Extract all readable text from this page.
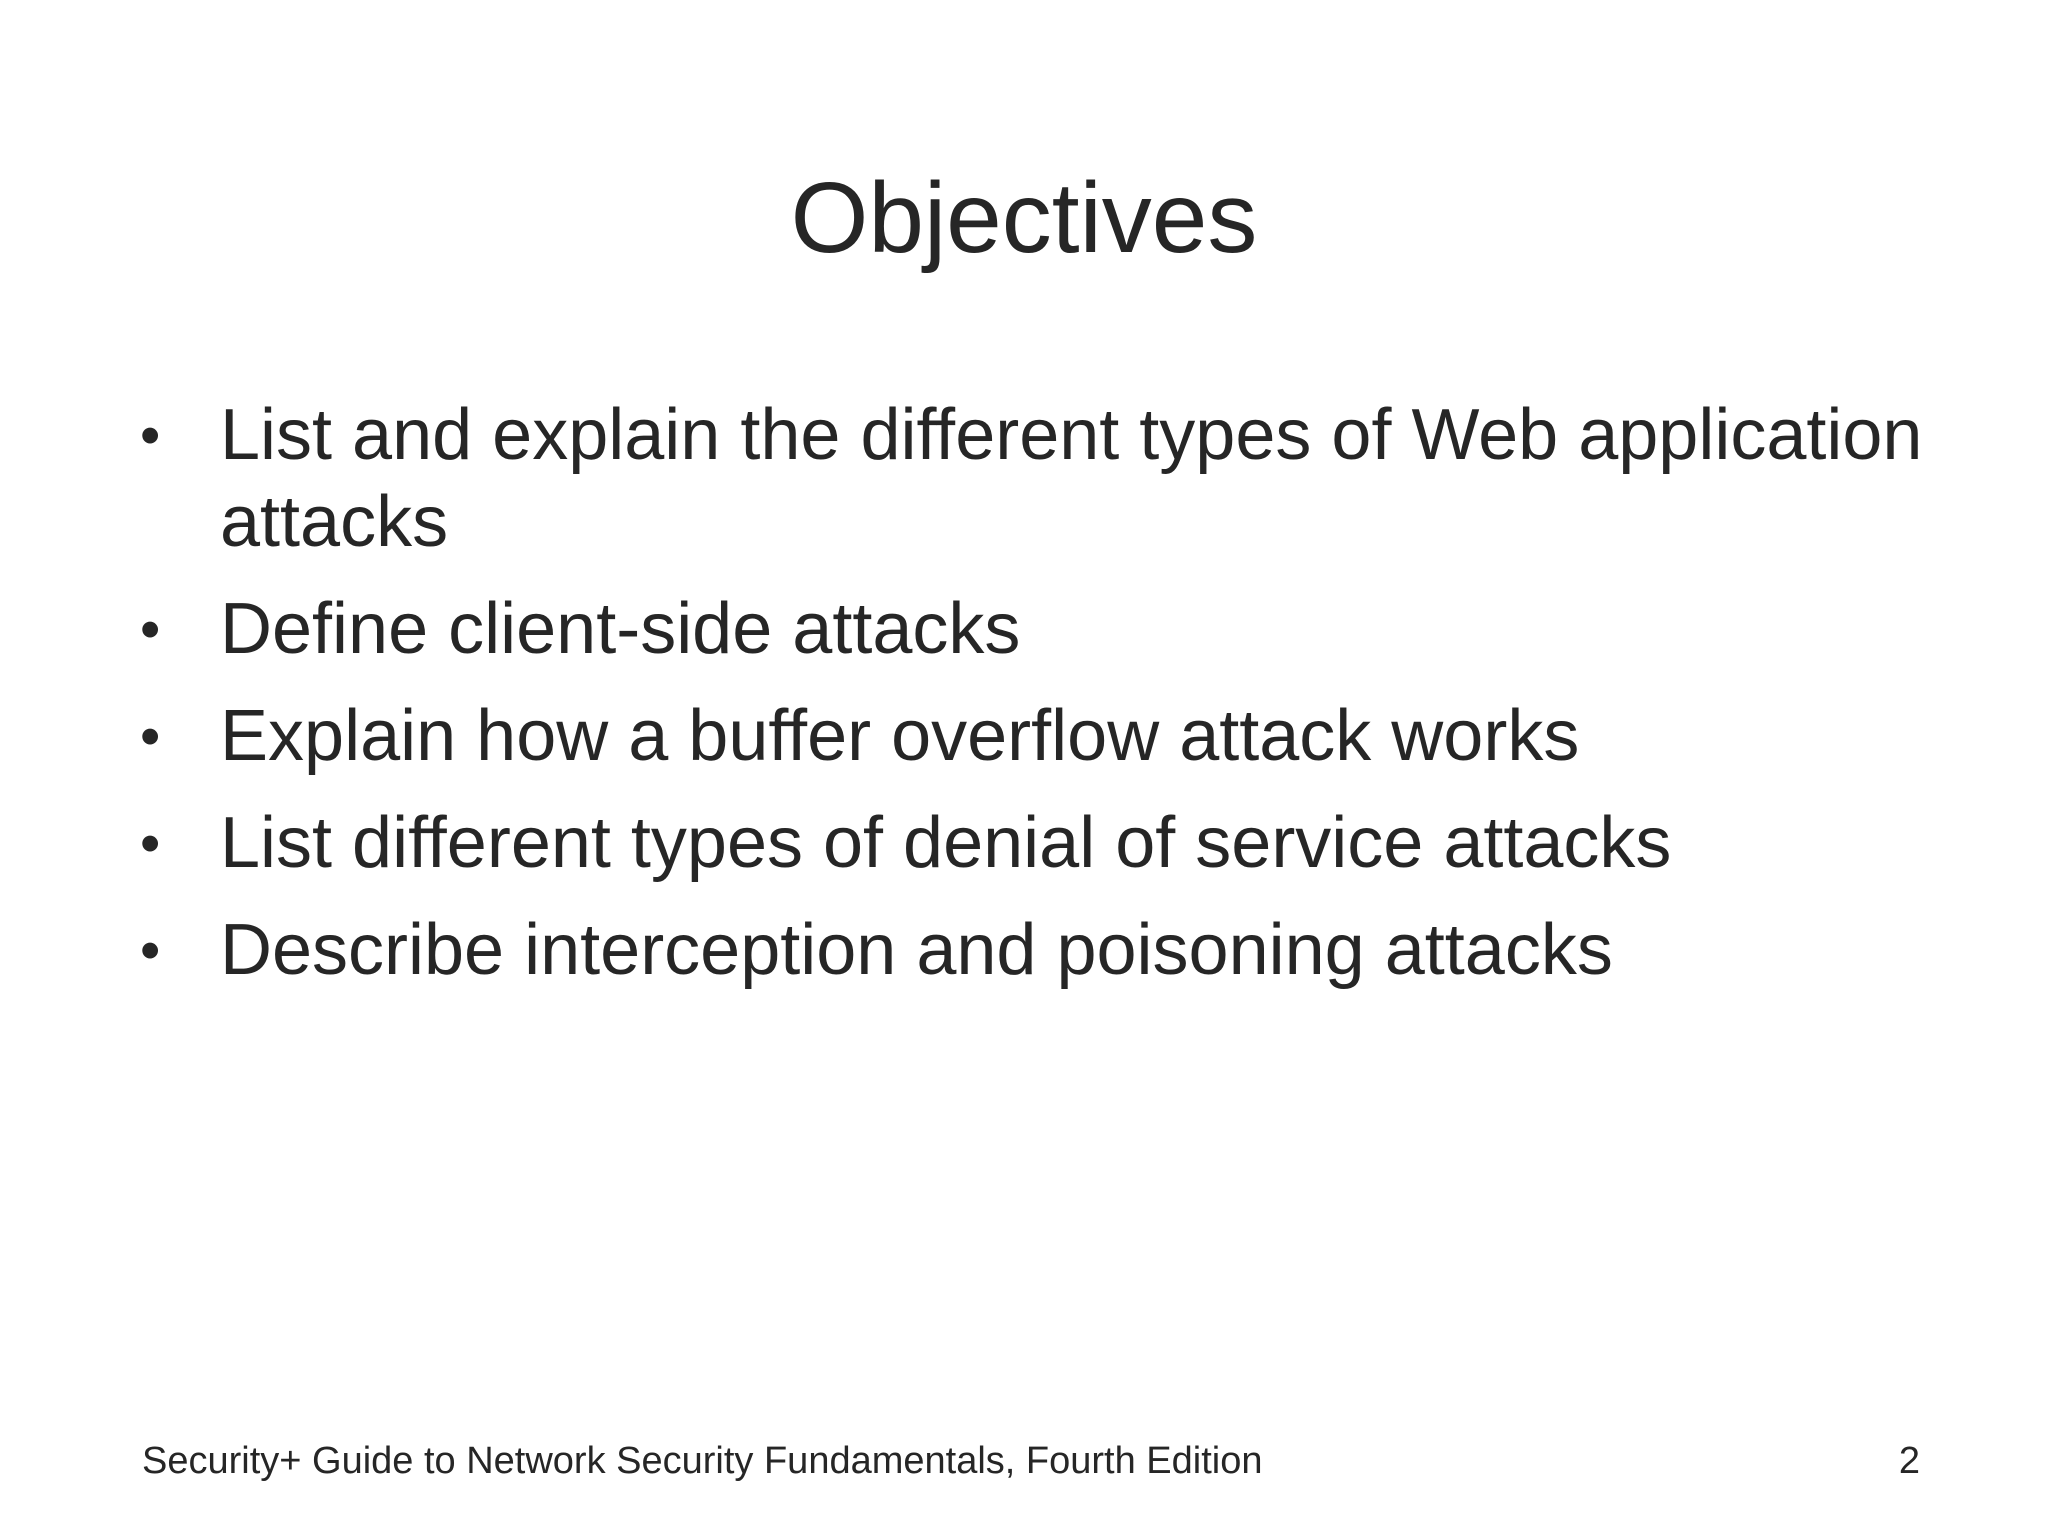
Objectives
• List and explain the different types of Web application attacks
• Define client-side attacks
• Explain how a buffer overflow attack works
• List different types of denial of service attacks
• Describe interception and poisoning attacks
Security+ Guide to Network Security Fundamentals, Fourth Edition	2
